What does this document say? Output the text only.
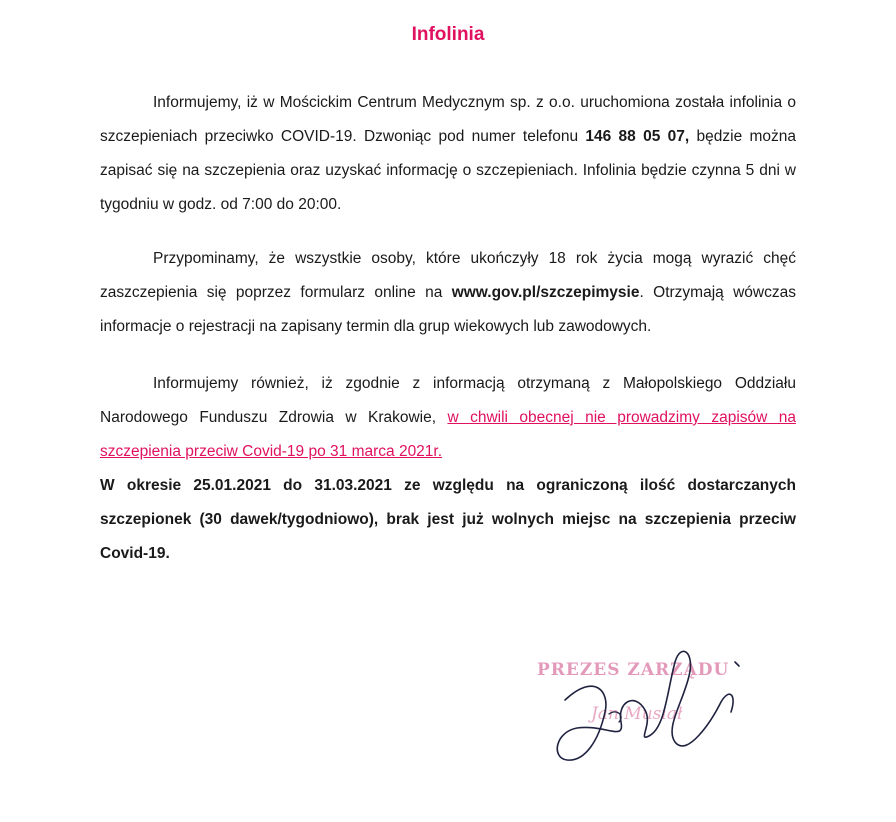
Infolinia

Informujemy, iż w Mościckim Centrum Medycznym sp. z o.o. uruchomiona została infolinia o szczepieniach przeciwko COVID-19. Dzwoniąc pod numer telefonu 146 88 05 07, będzie można zapisać się na szczepienia oraz uzyskać informację o szczepieniach. Infolinia będzie czynna 5 dni w tygodniu w godz. od 7:00 do 20:00.

Przypominamy, że wszystkie osoby, które ukończyły 18 rok życia mogą wyrazić chęć zaszczepienia się poprzez formularz online na www.gov.pl/szczepimysie. Otrzymają wówczas informacje o rejestracji na zapisany termin dla grup wiekowych lub zawodowych.

Informujemy również, iż zgodnie z informacją otrzymaną z Małopolskiego Oddziału Narodowego Funduszu Zdrowia w Krakowie, w chwili obecnej nie prowadzimy zapisów na szczepienia przeciw Covid-19 po 31 marca 2021r.

W okresie 25.01.2021 do 31.03.2021 ze względu na ograniczoną ilość dostarczanych szczepionek (30 dawek/tygodniowo), brak jest już wolnych miejsc na szczepienia przeciw Covid-19.

PREZES ZARZĄDU
Jan Musiał
